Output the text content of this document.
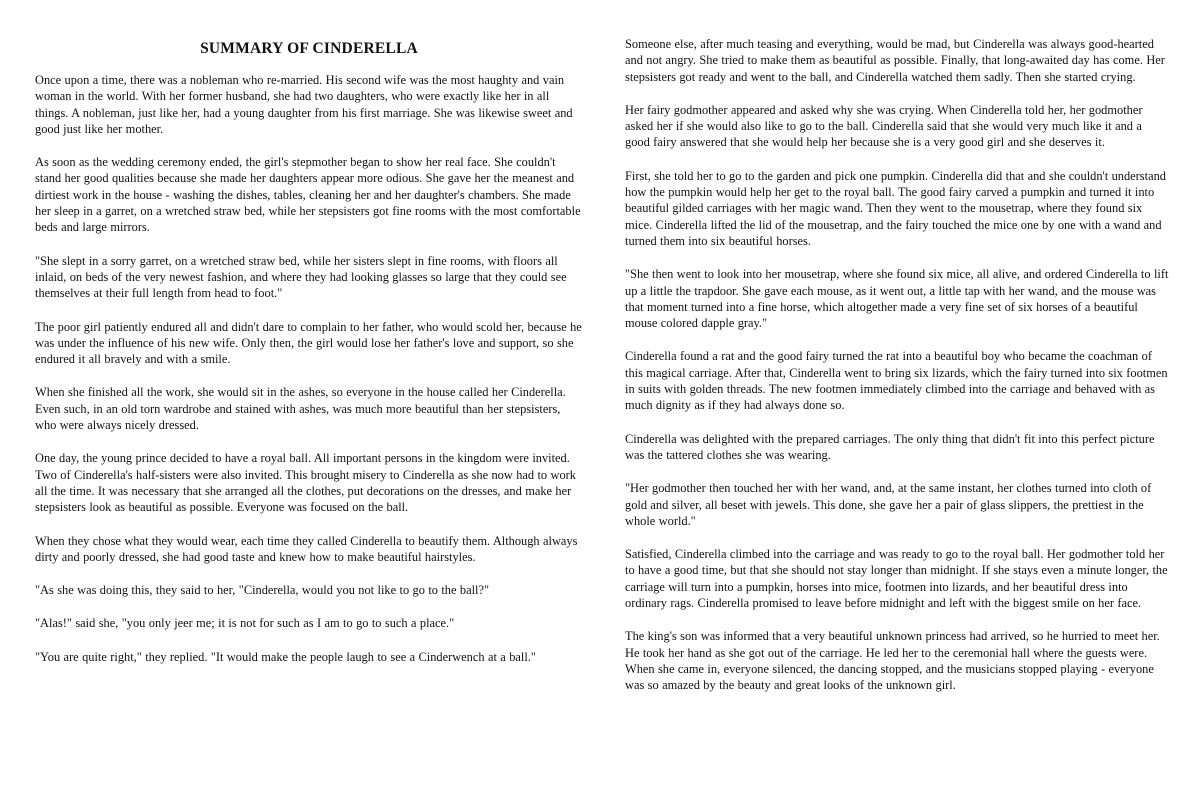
SUMMARY OF CINDERELLA

Once upon a time, there was a nobleman who re-married. His second wife was the most haughty and vain woman in the world. With her former husband, she had two daughters, who were exactly like her in all things. A nobleman, just like her, had a young daughter from his first marriage. She was likewise sweet and good just like her mother.

As soon as the wedding ceremony ended, the girl's stepmother began to show her real face. She couldn't stand her good qualities because she made her daughters appear more odious. She gave her the meanest and dirtiest work in the house - washing the dishes, tables, cleaning her and her daughter's chambers. She made her sleep in a garret, on a wretched straw bed, while her stepsisters got fine rooms with the most comfortable beds and large mirrors.

"She slept in a sorry garret, on a wretched straw bed, while her sisters slept in fine rooms, with floors all inlaid, on beds of the very newest fashion, and where they had looking glasses so large that they could see themselves at their full length from head to foot."

The poor girl patiently endured all and didn't dare to complain to her father, who would scold her, because he was under the influence of his new wife. Only then, the girl would lose her father's love and support, so she endured it all bravely and with a smile.

When she finished all the work, she would sit in the ashes, so everyone in the house called her Cinderella. Even such, in an old torn wardrobe and stained with ashes, was much more beautiful than her stepsisters, who were always nicely dressed.

One day, the young prince decided to have a royal ball. All important persons in the kingdom were invited. Two of Cinderella's half-sisters were also invited. This brought misery to Cinderella as she now had to work all the time. It was necessary that she arranged all the clothes, put decorations on the dresses, and make her stepsisters look as beautiful as possible. Everyone was focused on the ball.

When they chose what they would wear, each time they called Cinderella to beautify them. Although always dirty and poorly dressed, she had good taste and knew how to make beautiful hairstyles.

"As she was doing this, they said to her, "Cinderella, would you not like to go to the ball?"

"Alas!" said she, "you only jeer me; it is not for such as I am to go to such a place."

"You are quite right," they replied. "It would make the people laugh to see a Cinderwench at a ball."

Someone else, after much teasing and everything, would be mad, but Cinderella was always good-hearted and not angry. She tried to make them as beautiful as possible. Finally, that long-awaited day has come. Her stepsisters got ready and went to the ball, and Cinderella watched them sadly. Then she started crying.

Her fairy godmother appeared and asked why she was crying. When Cinderella told her, her godmother asked her if she would also like to go to the ball. Cinderella said that she would very much like it and a good fairy answered that she would help her because she is a very good girl and she deserves it.

First, she told her to go to the garden and pick one pumpkin. Cinderella did that and she couldn't understand how the pumpkin would help her get to the royal ball. The good fairy carved a pumpkin and turned it into beautiful gilded carriages with her magic wand. Then they went to the mousetrap, where they found six mice. Cinderella lifted the lid of the mousetrap, and the fairy touched the mice one by one with a wand and turned them into six beautiful horses.

"She then went to look into her mousetrap, where she found six mice, all alive, and ordered Cinderella to lift up a little the trapdoor. She gave each mouse, as it went out, a little tap with her wand, and the mouse was that moment turned into a fine horse, which altogether made a very fine set of six horses of a beautiful mouse colored dapple gray."

Cinderella found a rat and the good fairy turned the rat into a beautiful boy who became the coachman of this magical carriage. After that, Cinderella went to bring six lizards, which the fairy turned into six footmen in suits with golden threads. The new footmen immediately climbed into the carriage and behaved with as much dignity as if they had always done so.

Cinderella was delighted with the prepared carriages. The only thing that didn't fit into this perfect picture was the tattered clothes she was wearing.

"Her godmother then touched her with her wand, and, at the same instant, her clothes turned into cloth of gold and silver, all beset with jewels. This done, she gave her a pair of glass slippers, the prettiest in the whole world."

Satisfied, Cinderella climbed into the carriage and was ready to go to the royal ball. Her godmother told her to have a good time, but that she should not stay longer than midnight. If she stays even a minute longer, the carriage will turn into a pumpkin, horses into mice, footmen into lizards, and her beautiful dress into ordinary rags. Cinderella promised to leave before midnight and left with the biggest smile on her face.

The king's son was informed that a very beautiful unknown princess had arrived, so he hurried to meet her. He took her hand as she got out of the carriage. He led her to the ceremonial hall where the guests were. When she came in, everyone silenced, the dancing stopped, and the musicians stopped playing - everyone was so amazed by the beauty and great looks of the unknown girl.
